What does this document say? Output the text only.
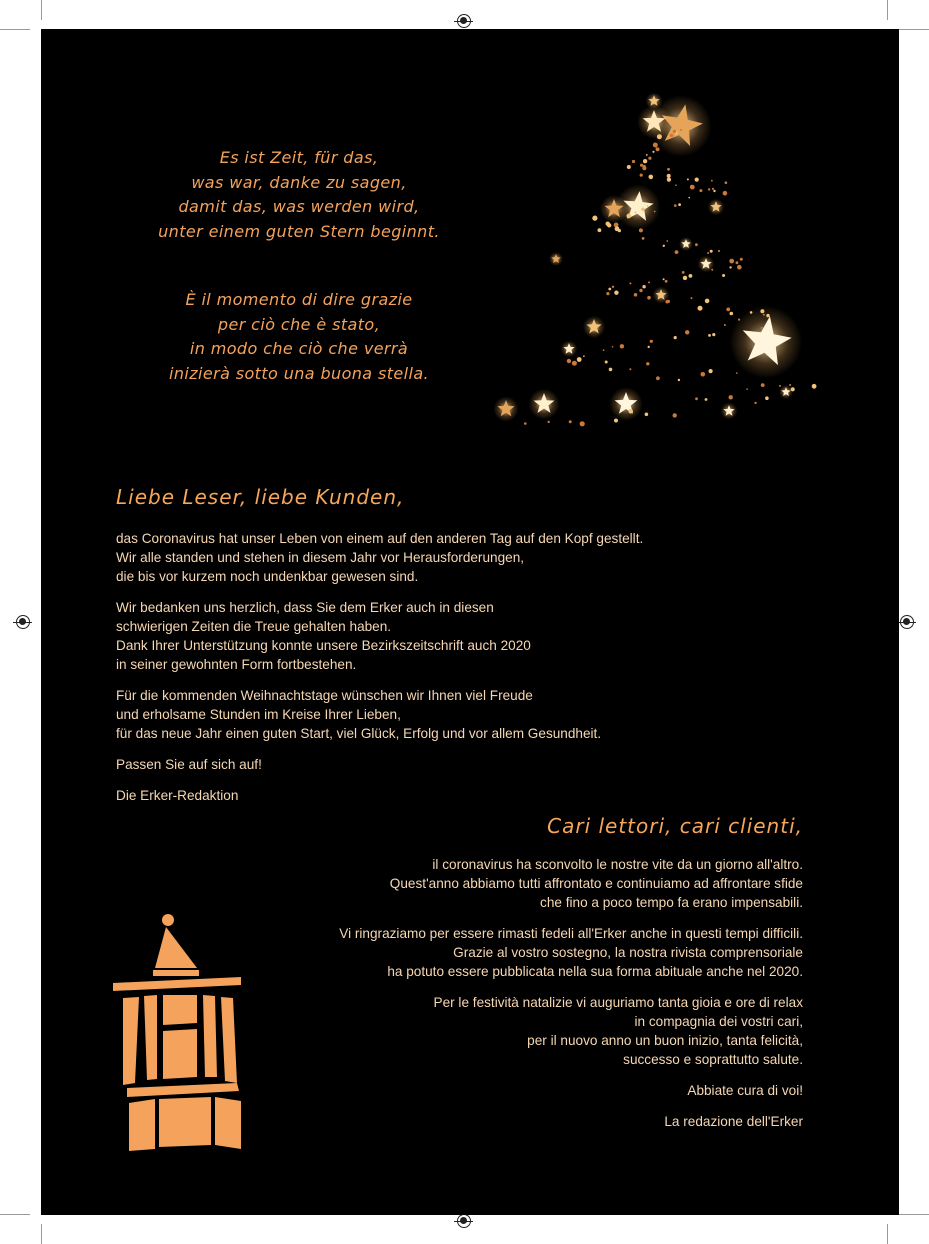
Es ist Zeit, für das,
was war, danke zu sagen,
damit das, was werden wird,
unter einem guten Stern beginnt.
È il momento di dire grazie
per ciò che è stato,
in modo che ciò che verrà
inizierà sotto una buona stella.
Liebe Leser, liebe Kunden,

das Coronavirus hat unser Leben von einem auf den anderen Tag auf den Kopf gestellt.
Wir alle standen und stehen in diesem Jahr vor Herausforderungen,
die bis vor kurzem noch undenkbar gewesen sind.

Wir bedanken uns herzlich, dass Sie dem Erker auch in diesen
schwierigen Zeiten die Treue gehalten haben.
Dank Ihrer Unterstützung konnte unsere Bezirkszeitschrift auch 2020
in seiner gewohnten Form fortbestehen.

Für die kommenden Weihnachtstage wünschen wir Ihnen viel Freude
und erholsame Stunden im Kreise Ihrer Lieben,
für das neue Jahr einen guten Start, viel Glück, Erfolg und vor allem Gesundheit.

Passen Sie auf sich auf!

Die Erker-Redaktion

Cari lettori, cari clienti,

il coronavirus ha sconvolto le nostre vite da un giorno all'altro.
Quest'anno abbiamo tutti affrontato e continuiamo ad affrontare sfide
che fino a poco tempo fa erano impensabili.

Vi ringraziamo per essere rimasti fedeli all'Erker anche in questi tempi difficili.
Grazie al vostro sostegno, la nostra rivista comprensoriale
ha potuto essere pubblicata nella sua forma abituale anche nel 2020.

Per le festività natalizie vi auguriamo tanta gioia e ore di relax
in compagnia dei vostri cari,
per il nuovo anno un buon inizio, tanta felicità,
successo e soprattutto salute.

Abbiate cura di voi!

La redazione dell'Erker
